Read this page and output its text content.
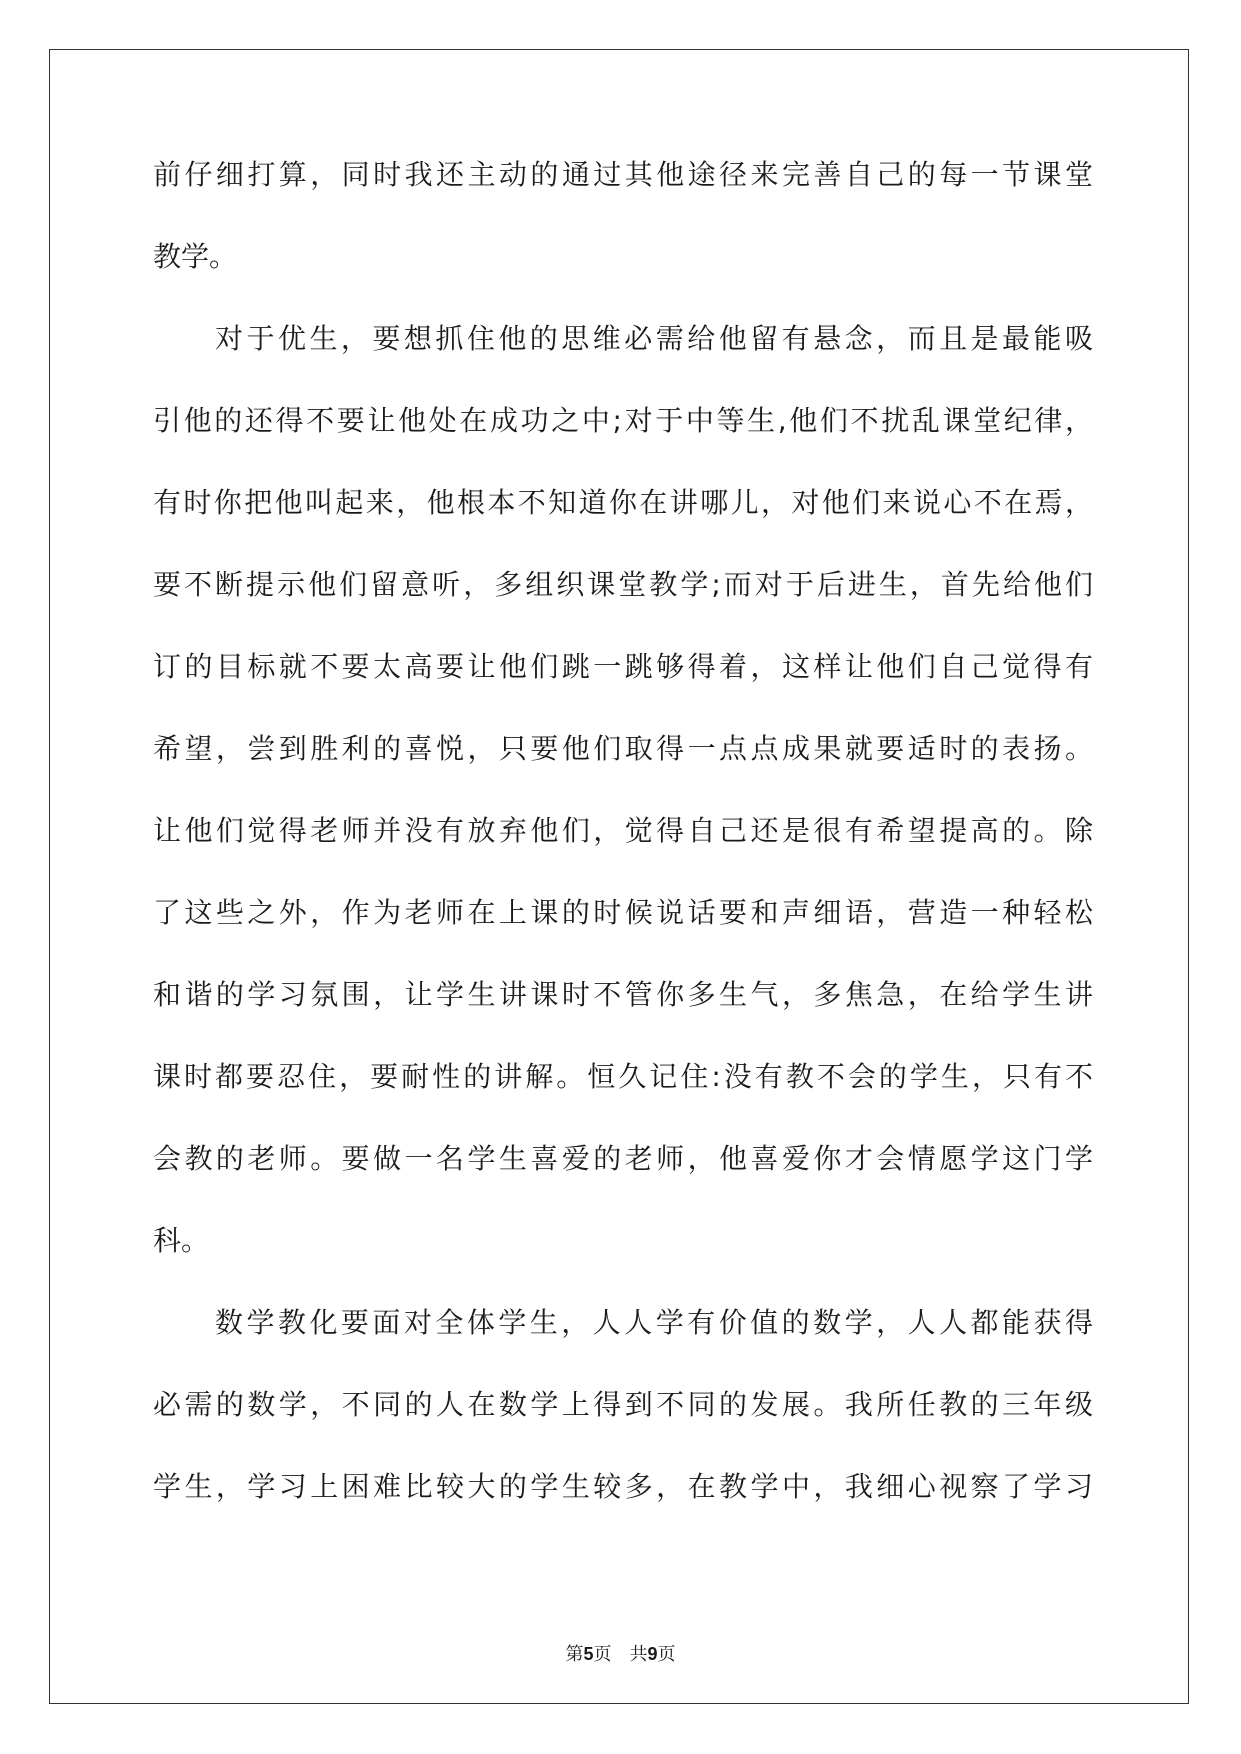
前仔细打算，同时我还主动的通过其他途径来完善自己的每一节课堂
教学。
对于优生，要想抓住他的思维必需给他留有悬念，而且是最能吸
引他的还得不要让他处在成功之中;对于中等生,他们不扰乱课堂纪律，
有时你把他叫起来，他根本不知道你在讲哪儿，对他们来说心不在焉，
要不断提示他们留意听，多组织课堂教学;而对于后进生，首先给他们
订的目标就不要太高要让他们跳一跳够得着，这样让他们自己觉得有
希望，尝到胜利的喜悦，只要他们取得一点点成果就要适时的表扬。
让他们觉得老师并没有放弃他们，觉得自己还是很有希望提高的。除
了这些之外，作为老师在上课的时候说话要和声细语，营造一种轻松
和谐的学习氛围，让学生讲课时不管你多生气，多焦急，在给学生讲
课时都要忍住，要耐性的讲解。恒久记住:没有教不会的学生，只有不
会教的老师。要做一名学生喜爱的老师，他喜爱你才会情愿学这门学
科。
数学教化要面对全体学生，人人学有价值的数学，人人都能获得
必需的数学，不同的人在数学上得到不同的发展。我所任教的三年级
第5页　共9页
学生，学习上困难比较大的学生较多，在教学中，我细心视察了学习
